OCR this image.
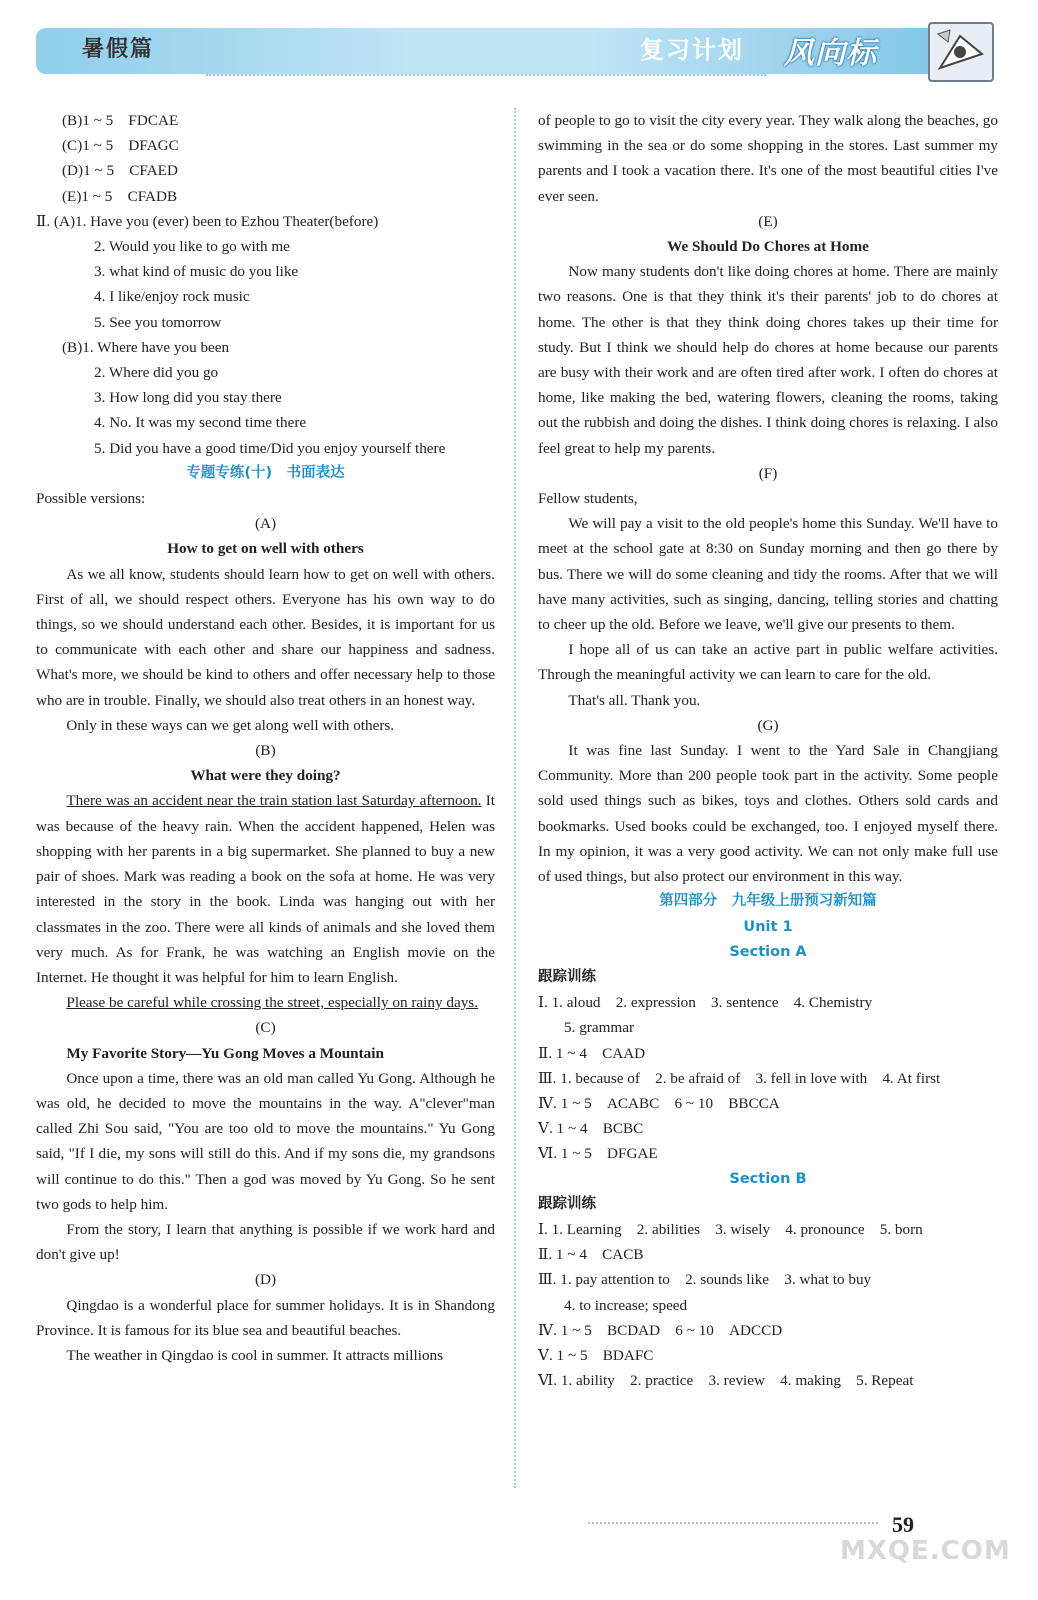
暑假篇	复习计划 风向标
(B)1 ~ 5　FDCAE
(C)1 ~ 5　DFAGC
(D)1 ~ 5　CFAED
(E)1 ~ 5　CFADB
Ⅱ. (A)1. Have you (ever) been to Ezhou Theater(before)
2. Would you like to go with me
3. what kind of music do you like
4. I like/enjoy rock music
5. See you tomorrow
(B)1. Where have you been
2. Where did you go
3. How long did you stay there
4. No. It was my second time there
5. Did you have a good time/Did you enjoy yourself there
专题专练(十)　书面表达
Possible versions:
(A)
How to get on well with others
As we all know, students should learn how to get on well with others. First of all, we should respect others. Everyone has his own way to do things, so we should understand each other. Besides, it is important for us to communicate with each other and share our happiness and sadness. What's more, we should be kind to others and offer necessary help to those who are in trouble. Finally, we should also treat others in an honest way.
Only in these ways can we get along well with others.
(B)
What were they doing?
There was an accident near the train station last Saturday afternoon. It was because of the heavy rain. When the accident happened, Helen was shopping with her parents in a big supermarket. She planned to buy a new pair of shoes. Mark was reading a book on the sofa at home. He was very interested in the story in the book. Linda was hanging out with her classmates in the zoo. There were all kinds of animals and she loved them very much. As for Frank, he was watching an English movie on the Internet. He thought it was helpful for him to learn English.
Please be careful while crossing the street, especially on rainy days.
(C)
My Favorite Story—Yu Gong Moves a Mountain
Once upon a time, there was an old man called Yu Gong. Although he was old, he decided to move the mountains in the way. A"clever"man called Zhi Sou said, "You are too old to move the mountains." Yu Gong said, "If I die, my sons will still do this. And if my sons die, my grandsons will continue to do this." Then a god was moved by Yu Gong. So he sent two gods to help him.
From the story, I learn that anything is possible if we work hard and don't give up!
(D)
Qingdao is a wonderful place for summer holidays. It is in Shandong Province. It is famous for its blue sea and beautiful beaches.
The weather in Qingdao is cool in summer. It attracts millions
of people to go to visit the city every year. They walk along the beaches, go swimming in the sea or do some shopping in the stores. Last summer my parents and I took a vacation there. It's one of the most beautiful cities I've ever seen.
(E)
We Should Do Chores at Home
Now many students don't like doing chores at home. There are mainly two reasons. One is that they think it's their parents' job to do chores at home. The other is that they think doing chores takes up their time for study. But I think we should help do chores at home because our parents are busy with their work and are often tired after work. I often do chores at home, like making the bed, watering flowers, cleaning the rooms, taking out the rubbish and doing the dishes. I think doing chores is relaxing. I also feel great to help my parents.
(F)
Fellow students,
We will pay a visit to the old people's home this Sunday. We'll have to meet at the school gate at 8:30 on Sunday morning and then go there by bus. There we will do some cleaning and tidy the rooms. After that we will have many activities, such as singing, dancing, telling stories and chatting to cheer up the old. Before we leave, we'll give our presents to them.
I hope all of us can take an active part in public welfare activities. Through the meaningful activity we can learn to care for the old.
That's all. Thank you.
(G)
It was fine last Sunday. I went to the Yard Sale in Changjiang Community. More than 200 people took part in the activity. Some people sold used things such as bikes, toys and clothes. Others sold cards and bookmarks. Used books could be exchanged, too. I enjoyed myself there. In my opinion, it was a very good activity. We can not only make full use of used things, but also protect our environment in this way.
第四部分　九年级上册预习新知篇
Unit 1
Section A
跟踪训练
Ⅰ. 1. aloud　2. expression　3. sentence　4. Chemistry
5. grammar
Ⅱ. 1 ~ 4　CAAD
Ⅲ. 1. because of　2. be afraid of　3. fell in love with　4. At first
Ⅳ. 1 ~ 5　ACABC　6 ~ 10　BBCCA
Ⅴ. 1 ~ 4　BCBC
Ⅵ. 1 ~ 5　DFGAE
Section B
跟踪训练
Ⅰ. 1. Learning　2. abilities　3. wisely　4. pronounce　5. born
Ⅱ. 1 ~ 4　CACB
Ⅲ. 1. pay attention to　2. sounds like　3. what to buy
4. to increase; speed
Ⅳ. 1 ~ 5　BCDAD　6 ~ 10　ADCCD
Ⅴ. 1 ~ 5　BDAFC
Ⅵ. 1. ability　2. practice　3. review　4. making　5. Repeat
59
MXQE.COM
